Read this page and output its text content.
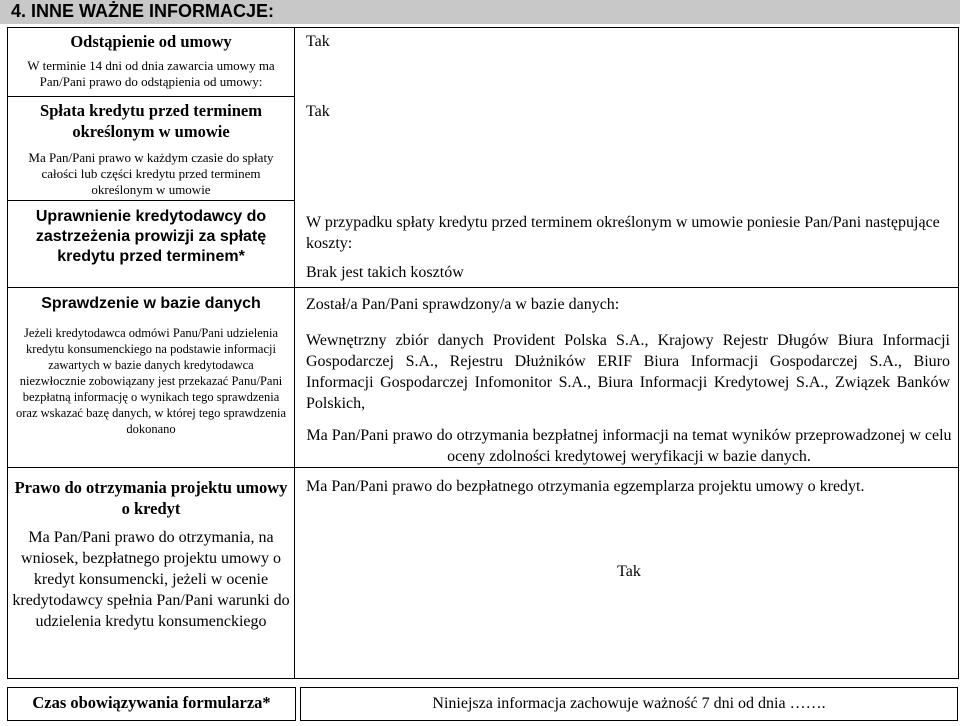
4. INNE WAŻNE INFORMACJE:
Odstąpienie od umowy
W terminie 14 dni od dnia zawarcia umowy ma Pan/Pani prawo do odstąpienia od umowy:
Tak
Spłata kredytu przed terminem określonym w umowie
Ma Pan/Pani prawo w każdym czasie do spłaty całości lub części kredytu przed terminem określonym w umowie
Tak
Uprawnienie kredytodawcy do zastrzeżenia prowizji za spłatę kredytu przed terminem*
W przypadku spłaty kredytu przed terminem określonym w umowie poniesie Pan/Pani następujące koszty:
Brak jest takich kosztów
Sprawdzenie w bazie danych
Jeżeli kredytodawca odmówi Panu/Pani udzielenia kredytu konsumenckiego na podstawie informacji zawartych w bazie danych kredytodawca niezwłocznie zobowiązany jest przekazać Panu/Pani bezpłatną informację o wynikach tego sprawdzenia oraz wskazać bazę danych, w której tego sprawdzenia dokonano
Został/a Pan/Pani sprawdzony/a w bazie danych:
Wewnętrzny zbiór danych Provident Polska S.A., Krajowy Rejestr Długów Biura Informacji Gospodarczej S.A., Rejestru Dłużników ERIF Biura Informacji Gospodarczej S.A., Biuro Informacji Gospodarczej Infomonitor S.A., Biura Informacji Kredytowej S.A., Związek Banków Polskich,
Ma Pan/Pani prawo do otrzymania bezpłatnej informacji na temat wyników przeprowadzonej w celu oceny zdolności kredytowej weryfikacji w bazie danych.
Prawo do otrzymania projektu umowy o kredyt
Ma Pan/Pani prawo do otrzymania, na wniosek, bezpłatnego projektu umowy o kredyt konsumencki, jeżeli w ocenie kredytodawcy spełnia Pan/Pani warunki do udzielenia kredytu konsumenckiego
Ma Pan/Pani prawo do bezpłatnego otrzymania egzemplarza projektu umowy o kredyt.
Tak
Czas obowiązywania formularza*	Niniejsza informacja zachowuje ważność 7 dni od dnia …….
